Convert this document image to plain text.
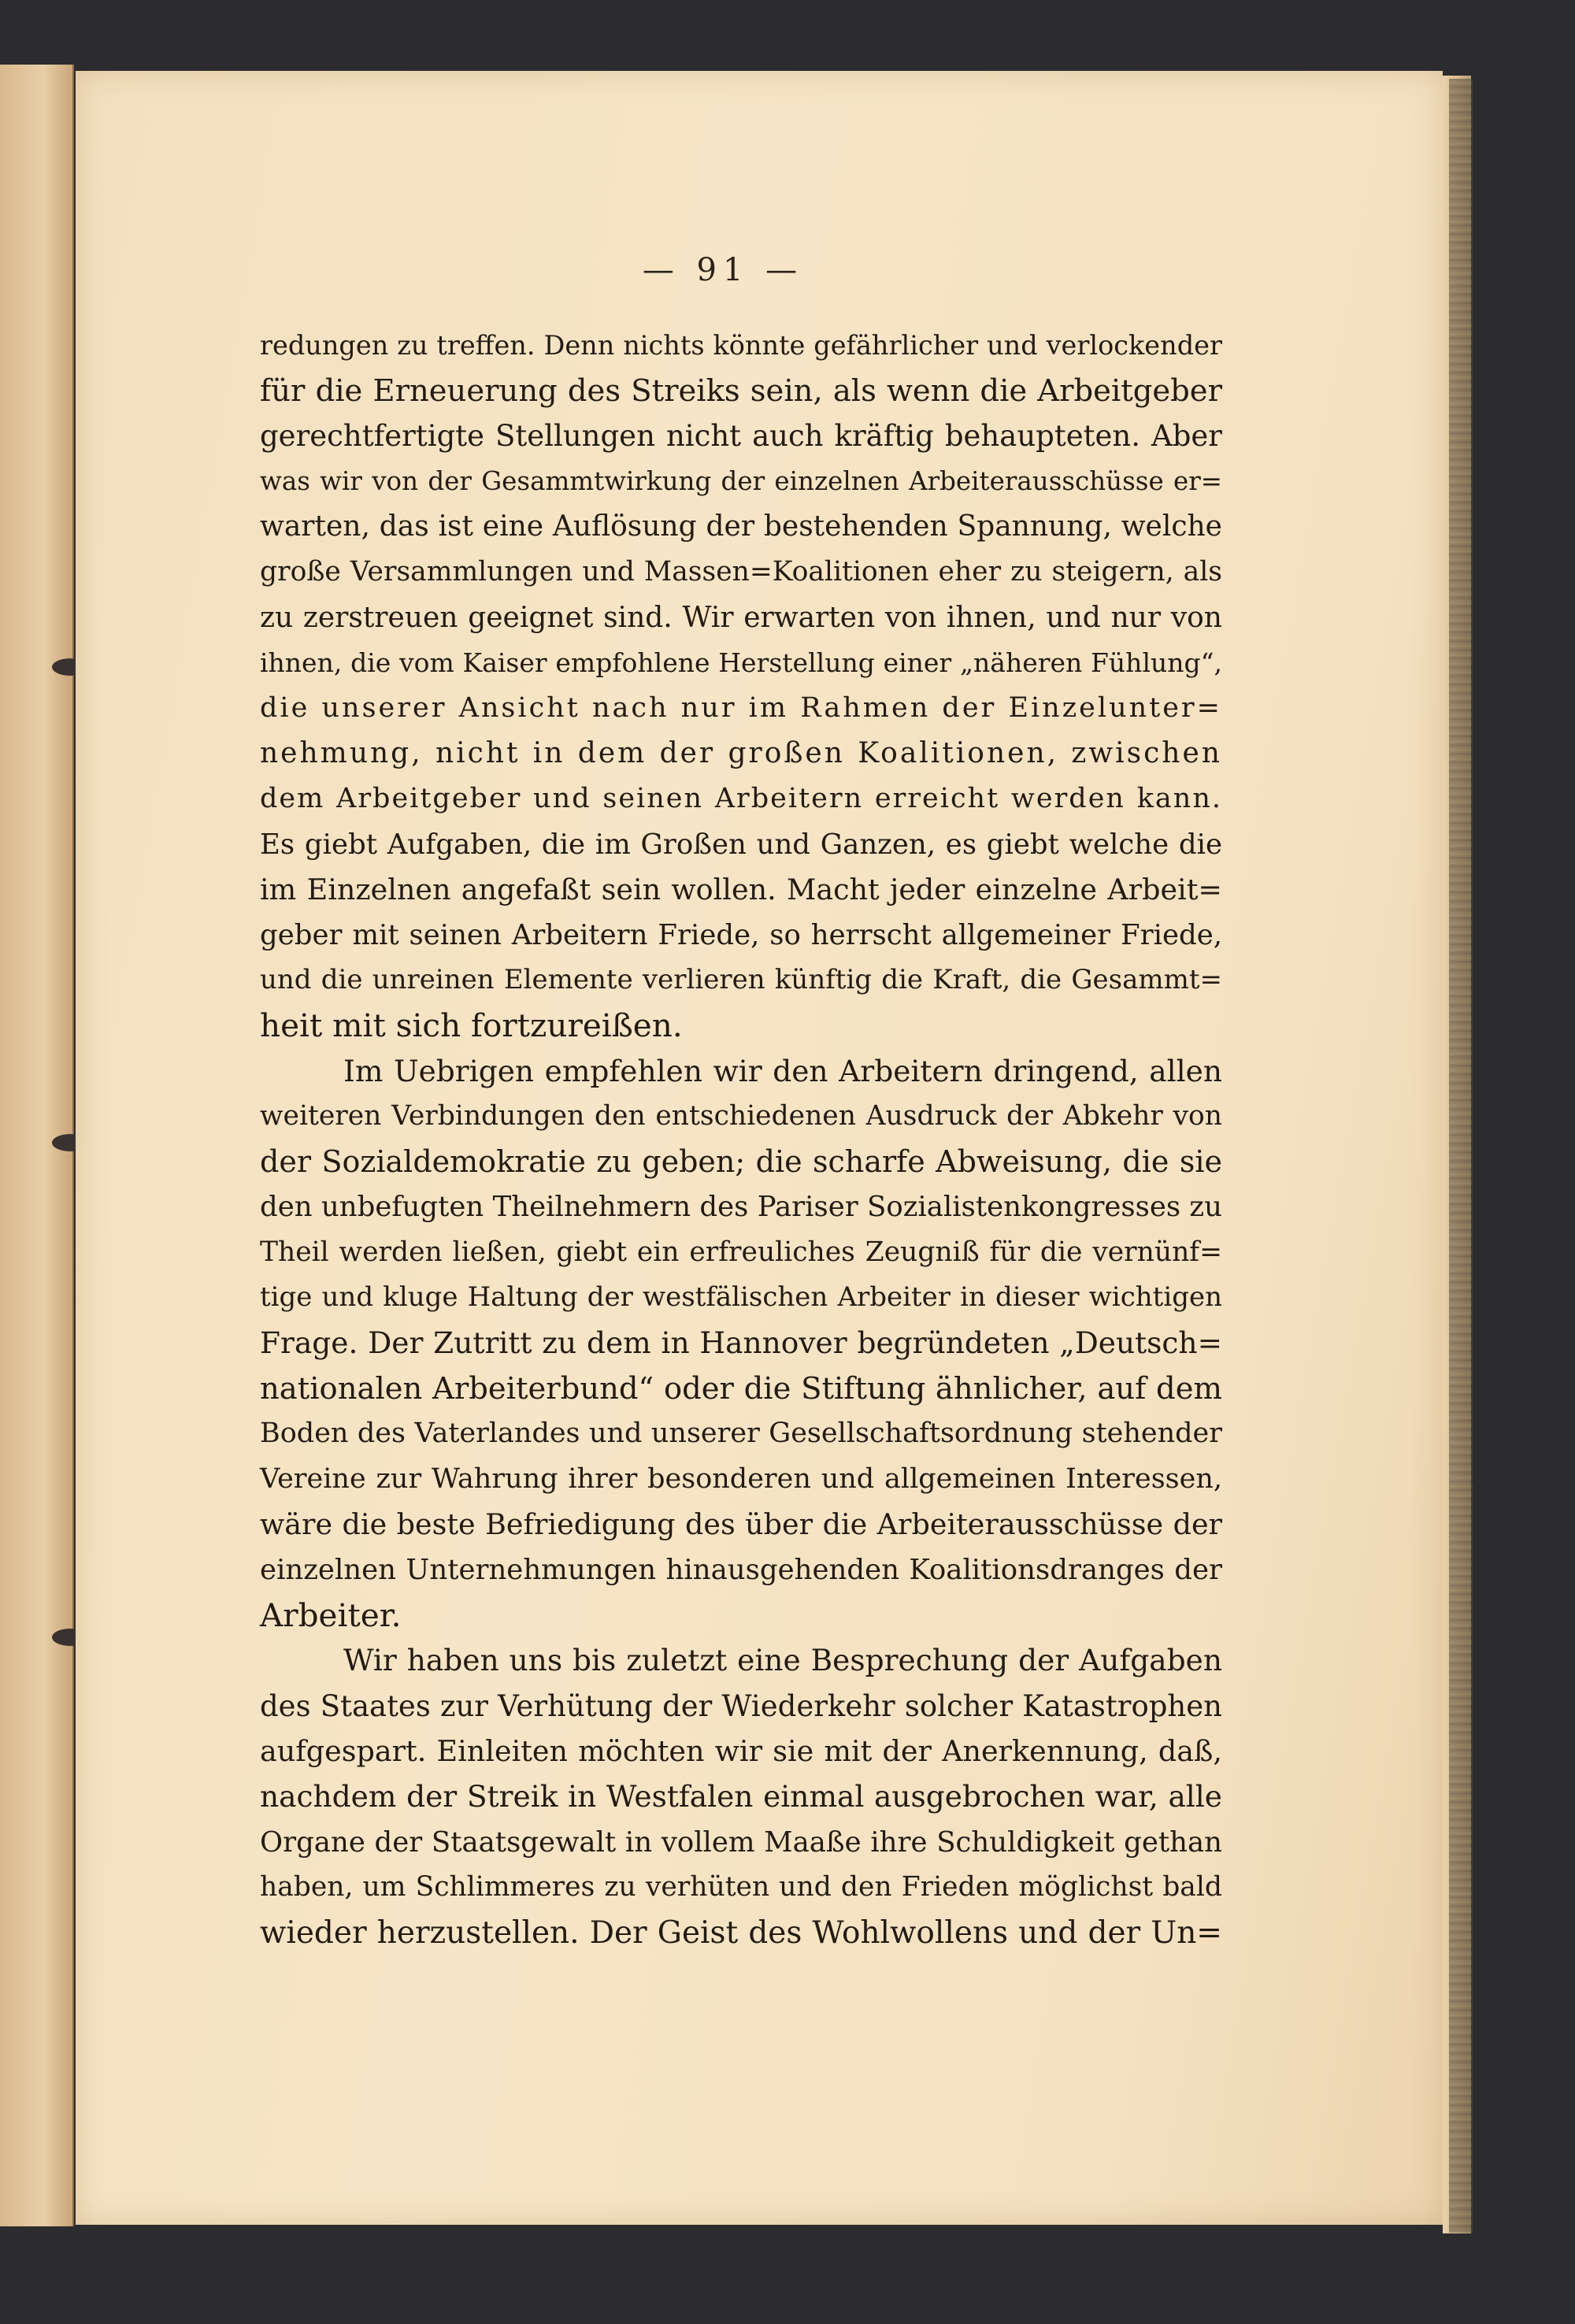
— 91 —

redungen zu treffen. Denn nichts könnte gefährlicher und verlockender
für die Erneuerung des Streiks sein, als wenn die Arbeitgeber
gerechtfertigte Stellungen nicht auch kräftig behaupteten. Aber
was wir von der Gesammtwirkung der einzelnen Arbeiterausschüsse er=
warten, das ist eine Auflösung der bestehenden Spannung, welche
große Versammlungen und Massen=Koalitionen eher zu steigern, als
zu zerstreuen geeignet sind. Wir erwarten von ihnen, und nur von
ihnen, die vom Kaiser empfohlene Herstellung einer „näheren Fühlung“,
die unserer Ansicht nach nur im Rahmen der Einzelunter=
nehmung, nicht in dem der großen Koalitionen, zwischen
dem Arbeitgeber und seinen Arbeitern erreicht werden kann.
Es giebt Aufgaben, die im Großen und Ganzen, es giebt welche die
im Einzelnen angefaßt sein wollen. Macht jeder einzelne Arbeit=
geber mit seinen Arbeitern Friede, so herrscht allgemeiner Friede,
und die unreinen Elemente verlieren künftig die Kraft, die Gesammt=
heit mit sich fortzureißen.

Im Uebrigen empfehlen wir den Arbeitern dringend, allen
weiteren Verbindungen den entschiedenen Ausdruck der Abkehr von
der Sozialdemokratie zu geben; die scharfe Abweisung, die sie
den unbefugten Theilnehmern des Pariser Sozialistenkongresses zu
Theil werden ließen, giebt ein erfreuliches Zeugniß für die vernünf=
tige und kluge Haltung der westfälischen Arbeiter in dieser wichtigen
Frage. Der Zutritt zu dem in Hannover begründeten „Deutsch=
nationalen Arbeiterbund“ oder die Stiftung ähnlicher, auf dem
Boden des Vaterlandes und unserer Gesellschaftsordnung stehender
Vereine zur Wahrung ihrer besonderen und allgemeinen Interessen,
wäre die beste Befriedigung des über die Arbeiterausschüsse der
einzelnen Unternehmungen hinausgehenden Koalitionsdranges der
Arbeiter.

Wir haben uns bis zuletzt eine Besprechung der Aufgaben
des Staates zur Verhütung der Wiederkehr solcher Katastrophen
aufgespart. Einleiten möchten wir sie mit der Anerkennung, daß,
nachdem der Streik in Westfalen einmal ausgebrochen war, alle
Organe der Staatsgewalt in vollem Maaße ihre Schuldigkeit gethan
haben, um Schlimmeres zu verhüten und den Frieden möglichst bald
wieder herzustellen. Der Geist des Wohlwollens und der Un=
